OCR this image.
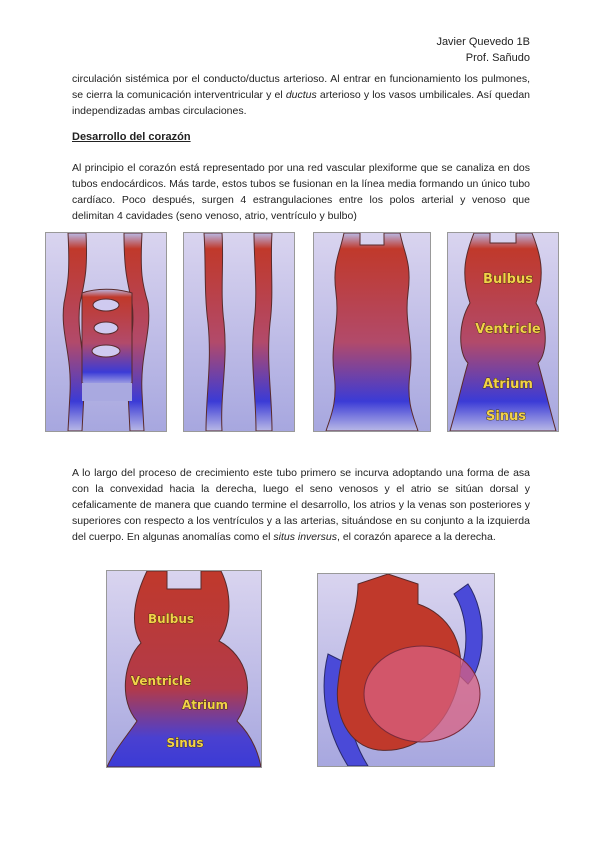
Javier Quevedo 1B
Prof. Sañudo
circulación sistémica por el conducto/ductus arterioso. Al entrar en funcionamiento los pulmones, se cierra la comunicación interventricular y el ductus arterioso y los vasos umbilicales. Así quedan independizadas ambas circulaciones.
Desarrollo del corazón
Al principio el corazón está representado por una red vascular plexiforme que se canaliza en dos tubos endocárdicos. Más tarde, estos tubos se fusionan en la línea media formando un único tubo cardíaco. Poco después, surgen 4 estrangulaciones entre los polos arterial y venoso que delimitan 4 cavidades (seno venoso, atrio, ventrículo y bulbo)
Bulbus
Ventricle
Atrium
Sinus
A lo largo del proceso de crecimiento este tubo primero se incurva adoptando una forma de asa con la convexidad hacia la derecha, luego el seno venosos y el atrio se sitúan dorsal y cefalicamente de manera que cuando termine el desarrollo, los atrios y la venas son posteriores y superiores con respecto a los ventrículos y a las arterias, situándose en su conjunto a la izquierda del cuerpo. En algunas anomalías como el situs inversus, el corazón aparece a la derecha.
Bulbus
Ventricle
Atrium
Sinus
